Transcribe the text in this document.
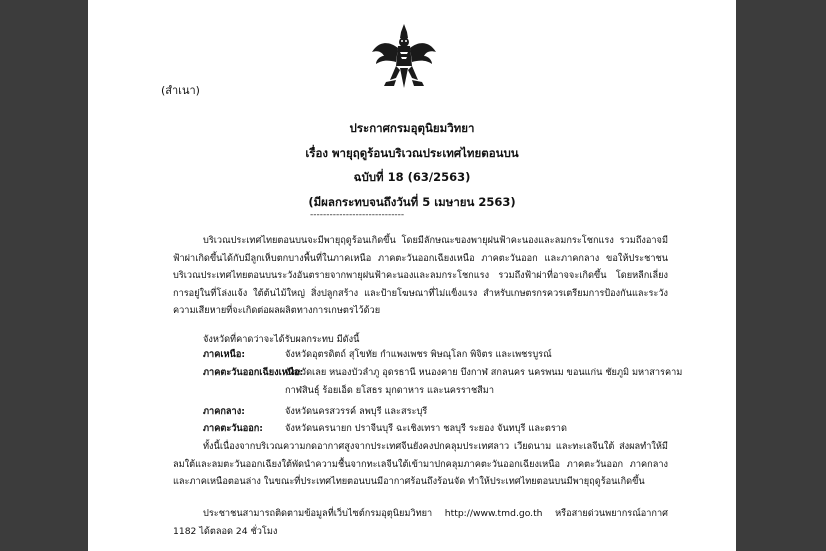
(สำเนา)
ประกาศกรมอุตุนิยมวิทยา
เรื่อง พายุฤดูร้อนบริเวณประเทศไทยตอนบน
ฉบับที่ 18 (63/2563)
(มีผลกระทบจนถึงวันที่ 5 เมษายน 2563)
-----------------------------

บริเวณประเทศไทยตอนบนจะมีพายุฤดูร้อนเกิดขึ้น โดยมีลักษณะของพายุฝนฟ้าคะนองและลมกระโชกแรง รวมถึงอาจมีฟ้าผ่าเกิดขึ้นได้กับมีลูกเห็บตกบางพื้นที่ในภาคเหนือ ภาคตะวันออกเฉียงเหนือ ภาคตะวันออก และภาคกลาง ขอให้ประชาชนบริเวณประเทศไทยตอนบนระวังอันตรายจากพายุฝนฟ้าคะนองและลมกระโชกแรง รวมถึงฟ้าผ่าที่อาจจะเกิดขึ้น โดยหลีกเลี่ยงการอยู่ในที่โล่งแจ้ง ใต้ต้นไม้ใหญ่ สิ่งปลูกสร้าง และป้ายโฆษณาที่ไม่แข็งแรง สำหรับเกษตรกรควรเตรียมการป้องกันและระวังความเสียหายที่จะเกิดต่อผลผลิตทางการเกษตรไว้ด้วย

จังหวัดที่คาดว่าจะได้รับผลกระทบ มีดังนี้

ภาคเหนือ:	จังหวัดอุตรดิตถ์ สุโขทัย กำแพงเพชร พิษณุโลก พิจิตร และเพชรบูรณ์
ภาคตะวันออกเฉียงเหนือ:
จังหวัดเลย หนองบัวลำภู อุดรธานี หนองคาย บึงกาฬ สกลนคร นครพนม ขอนแก่น ชัยภูมิ มหาสารคาม กาฬสินธุ์ ร้อยเอ็ด ยโสธร มุกดาหาร และนครราชสีมา
ภาคกลาง:	จังหวัดนครสวรรค์ ลพบุรี และสระบุรี
ภาคตะวันออก: จังหวัดนครนายก ปราจีนบุรี ฉะเชิงเทรา ชลบุรี ระยอง จันทบุรี และตราด

ทั้งนี้เนื่องจากบริเวณความกดอากาศสูงจากประเทศจีนยังคงปกคลุมประเทศลาว เวียดนาม และทะเลจีนใต้ ส่งผลทำให้มีลมใต้และลมตะวันออกเฉียงใต้พัดนำความชื้นจากทะเลจีนใต้เข้ามาปกคลุมภาคตะวันออกเฉียงเหนือ ภาคตะวันออก ภาคกลาง และภาคเหนือตอนล่าง ในขณะที่ประเทศไทยตอนบนมีอากาศร้อนถึงร้อนจัด ทำให้ประเทศไทยตอนบนมีพายุฤดูร้อนเกิดขึ้น

ประชาชนสามารถติดตามข้อมูลที่เว็บไซต์กรมอุตุนิยมวิทยา http://www.tmd.go.th หรือสายด่วนพยากรณ์อากาศ 1182 ได้ตลอด 24 ชั่วโมง
